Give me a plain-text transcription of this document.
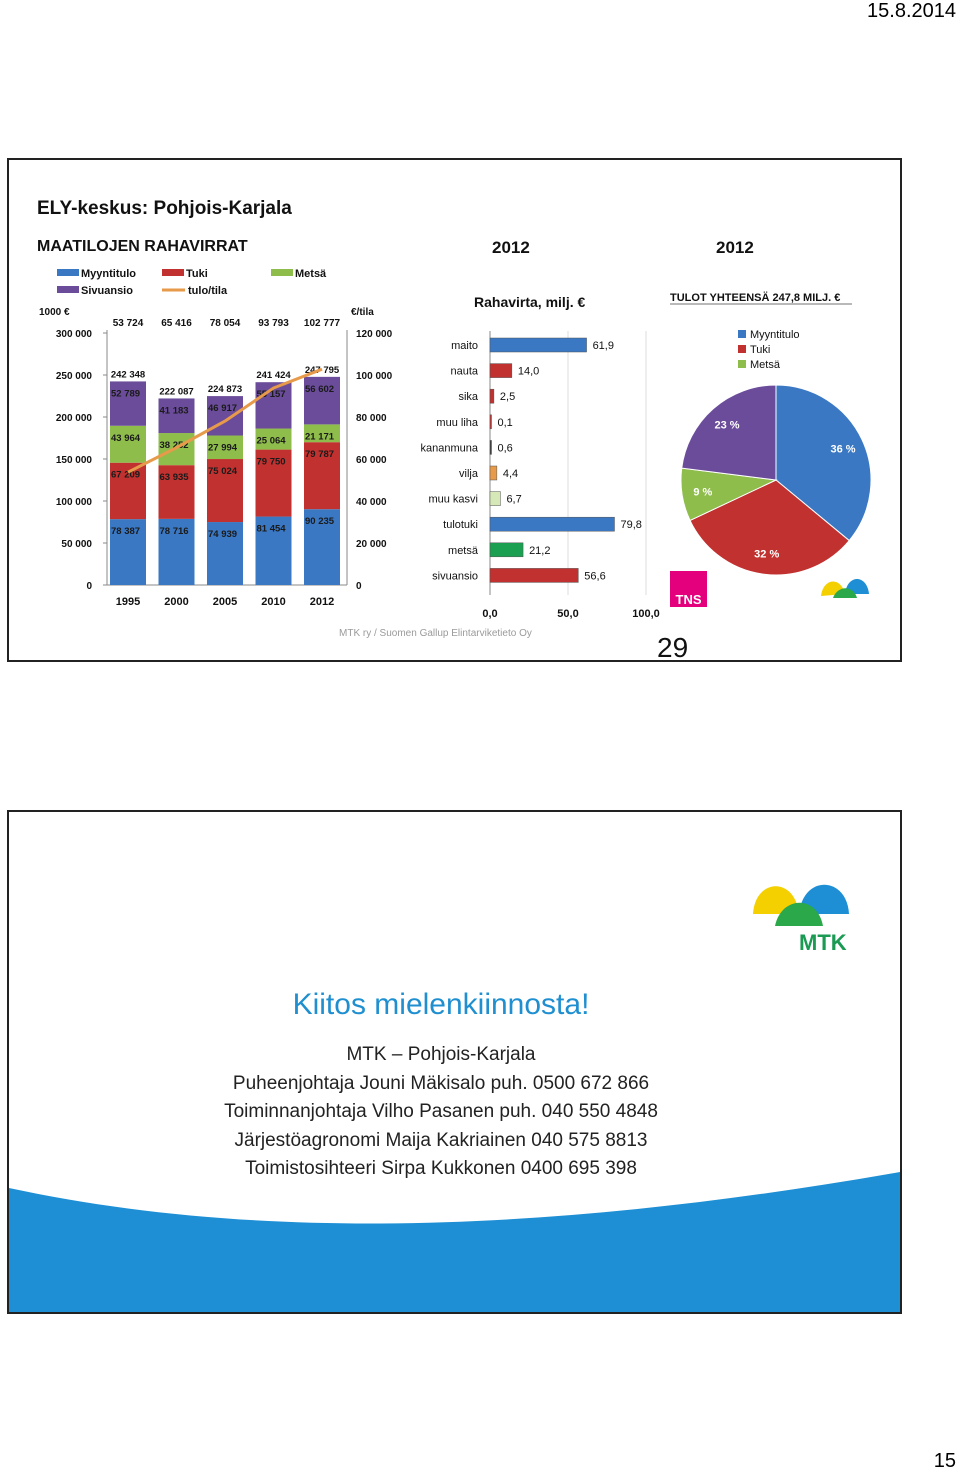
15.8.2014
ELY-keskus: Pohjois-Karjala
MAATILOJEN RAHAVIRRAT	2012	2012
Myyntitulo	Tuki	Metsä
Sivuansio	tulo/tila
1000 €	€/tila
0
50 000
100 000
150 000
200 000
250 000
300 000
0
20 000
40 000
60 000
80 000
100 000
120 000
78 387
67 209
43 964
52 789
242 348
1995
53 724
78 716
63 935
38 252
41 183
222 087
2000
65 416
74 939
75 024
27 994
46 917
224 873
2005
78 054
81 454
79 750
25 064
55 157
241 424
2010
93 793
90 235
79 787
21 171
56 602
247 795
2012
102 777
Rahavirta, milj. €
maito	61,9
nauta	14,0
sika 2,5
muu liha 0,1
kananmuna 0,6
vilja 4,4
muu kasvi	6,7
tulotuki	79,8
metsä	21,2
sivuansio	56,6
0,0	50,0	100,0
TULOT YHTEENSÄ 247,8 MILJ. €
Myyntitulo
Tuki
Metsä
36 %
32 %
9 %
23 %
TNS
MTK ry / Suomen Gallup Elintarviketieto Oy	29
MTK
Kiitos mielenkiinnosta!
MTK – Pohjois-Karjala
Puheenjohtaja Jouni Mäkisalo puh. 0500 672 866
Toiminnanjohtaja Vilho Pasanen puh. 040 550 4848
Järjestöagronomi Maija Kakriainen 040 575 8813
Toimistosihteeri Sirpa Kukkonen 0400 695 398
15
